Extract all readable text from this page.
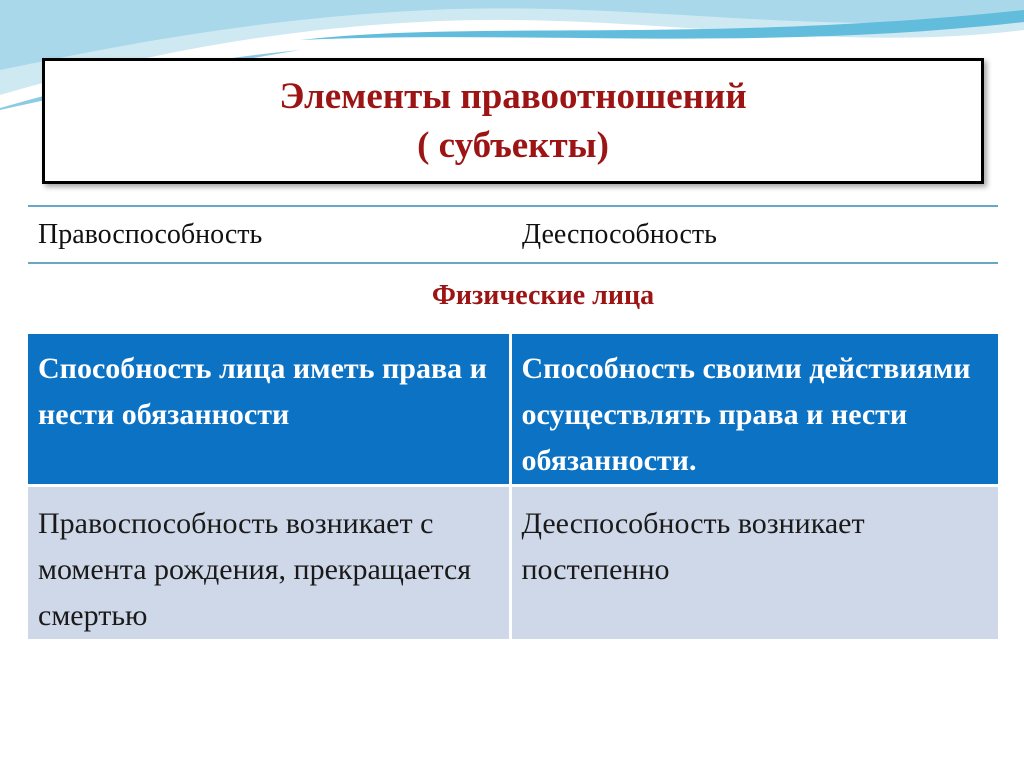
Элементы правоотношений
( субъекты)
Правоспособность	Дееспособность
Физические лица
Способность лица иметь права и нести обязанности	Способность своими действиями осуществлять права и нести обязанности.
Правоспособность возникает с момента рождения, прекращается смертью	Дееспособность возникает постепенно
